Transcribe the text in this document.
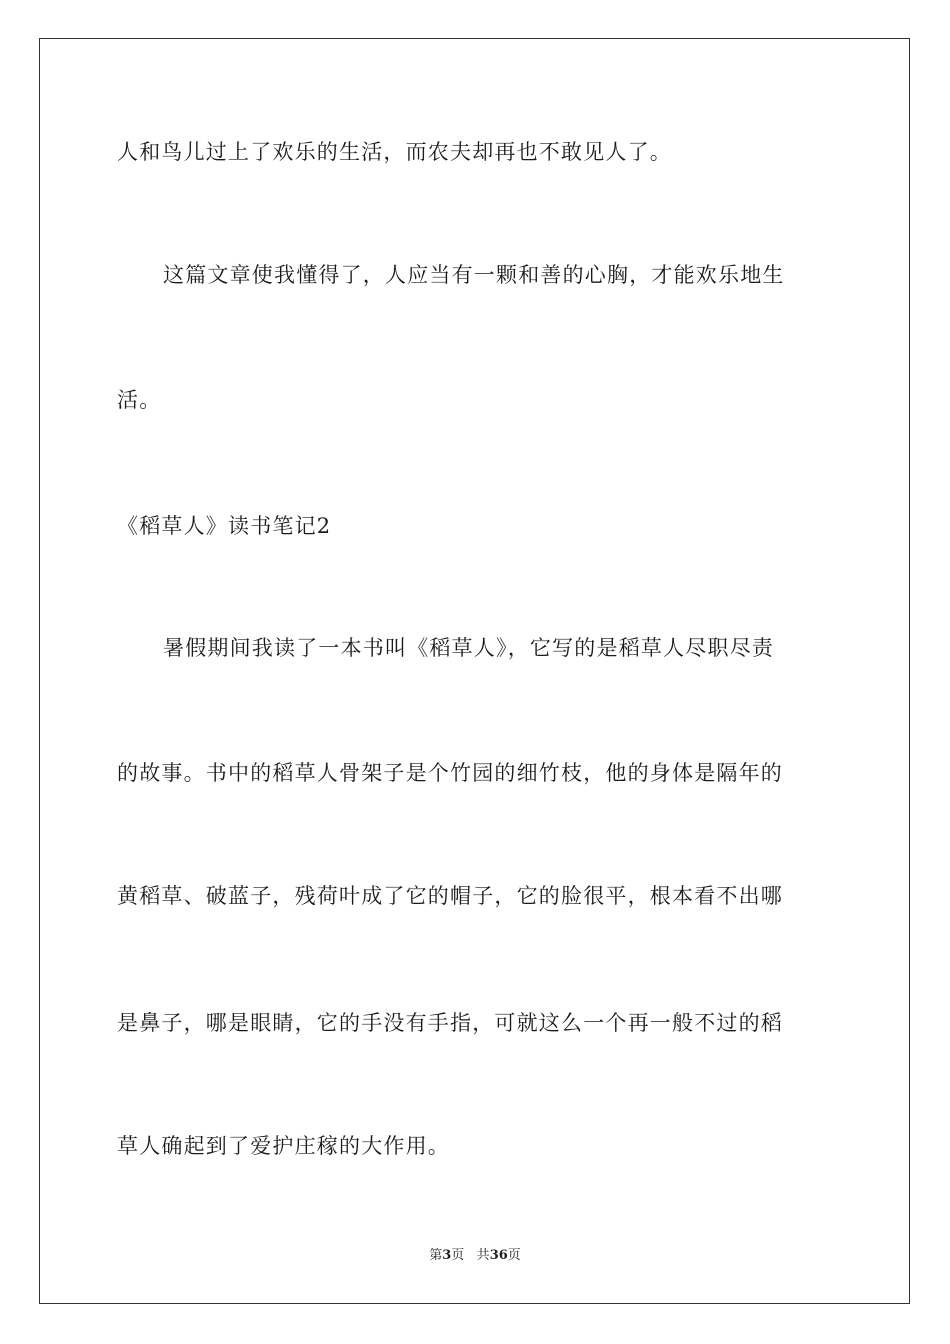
人和鸟儿过上了欢乐的生活，而农夫却再也不敢见人了。
这篇文章使我懂得了，人应当有一颗和善的心胸，才能欢乐地生
活。
《稻草人》读书笔记2
暑假期间我读了一本书叫《稻草人》，它写的是稻草人尽职尽责
的故事。书中的稻草人骨架子是个竹园的细竹枝，他的身体是隔年的
黄稻草、破蓝子，残荷叶成了它的帽子，它的脸很平，根本看不出哪
是鼻子，哪是眼睛，它的手没有手指，可就这么一个再一般不过的稻
草人确起到了爱护庄稼的大作用。
第3页 共36页
